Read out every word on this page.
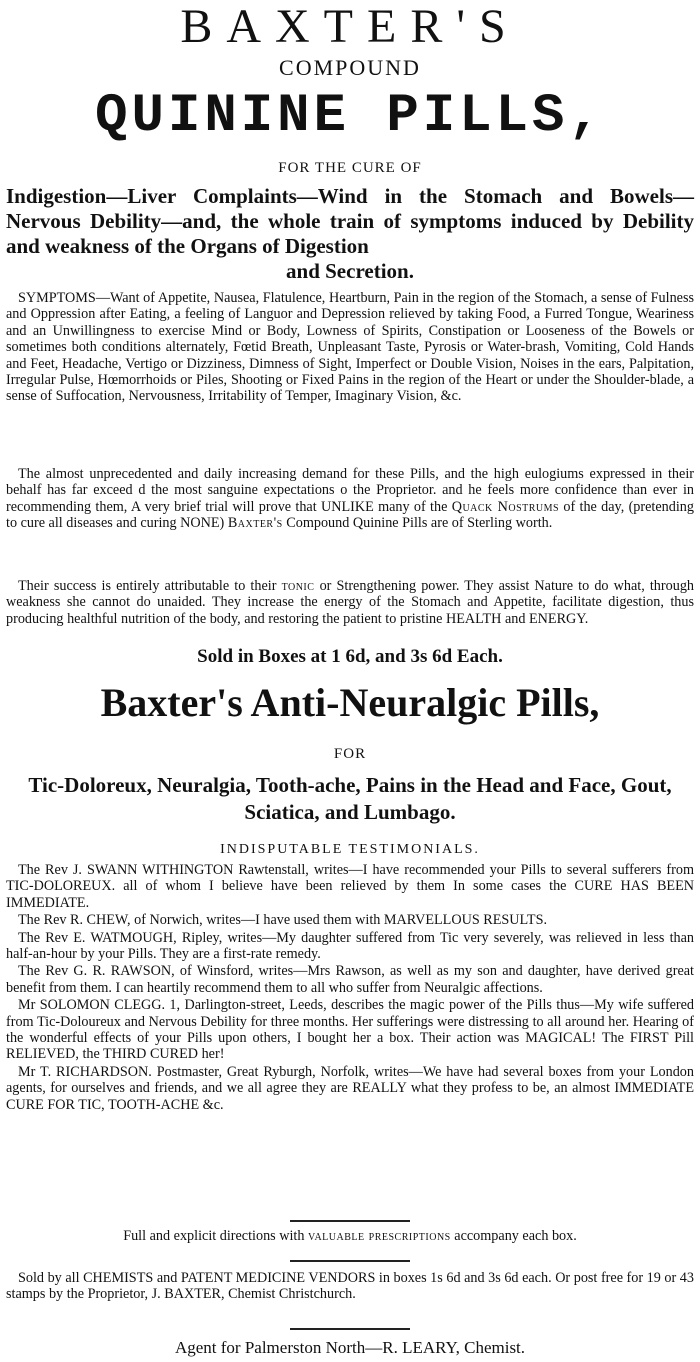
BAXTER'S
COMPOUND
QUININE PILLS,
FOR THE CURE OF
Indigestion—Liver Complaints—Wind in the Stomach and Bowels—Nervous Debility—and, the whole train of symptoms induced by Debility and weakness of the Organs of Digestion
and Secretion.
SYMPTOMS—Want of Appetite, Nausea, Flatulence, Heartburn, Pain in the region of the Stomach, a sense of Fulness and Oppression after Eating, a feeling of Languor and Depression relieved by taking Food, a Furred Tongue, Weariness and an Unwillingness to exercise Mind or Body, Lowness of Spirits, Constipation or Looseness of the Bowels or sometimes both conditions alternately, Fœtid Breath, Unpleasant Taste, Pyrosis or Water-brash, Vomiting, Cold Hands and Feet, Headache, Vertigo or Dizziness, Dimness of Sight, Imperfect or Double Vision, Noises in the ears, Palpitation, Irregular Pulse, Hœmorrhoids or Piles, Shooting or Fixed Pains in the region of the Heart or under the Shoulder-blade, a sense of Suffocation, Nervousness, Irritability of Temper, Imaginary Vision, &c.
The almost unprecedented and daily increasing demand for these Pills, and the high eulogiums expressed in their behalf has far exceed d the most sanguine expectations o the Proprietor. and he feels more confidence than ever in recommending them, A very brief trial will prove that UNLIKE many of the Quack Nostrums of the day, (pretending to cure all diseases and curing NONE) Baxter's Compound Quinine Pills are of Sterling worth.
Their success is entirely attributable to their tonic or Strengthening power. They assist Nature to do what, through weakness she cannot do unaided. They increase the energy of the Stomach and Appetite, facilitate digestion, thus producing healthful nutrition of the body, and restoring the patient to pristine HEALTH and ENERGY.
Sold in Boxes at 1 6d, and 3s 6d Each.
Baxter's Anti-Neuralgic Pills,
FOR
Tic-Doloreux, Neuralgia, Tooth-ache, Pains in the Head and Face, Gout, Sciatica, and Lumbago.
INDISPUTABLE TESTIMONIALS.

The Rev J. SWANN WITHINGTON Rawtenstall, writes—I have recommended your Pills to several sufferers from TIC-DOLOREUX. all of whom I believe have been relieved by them In some cases the CURE HAS BEEN IMMEDIATE.

The Rev R. CHEW, of Norwich, writes—I have used them with MARVELLOUS RESULTS.

The Rev E. WATMOUGH, Ripley, writes—My daughter suffered from Tic very severely, was relieved in less than half-an-hour by your Pills. They are a first-rate remedy.

The Rev G. R. RAWSON, of Winsford, writes—Mrs Rawson, as well as my son and daughter, have derived great benefit from them. I can heartily recommend them to all who suffer from Neuralgic affections.

Mr SOLOMON CLEGG. 1, Darlington-street, Leeds, describes the magic power of the Pills thus—My wife suffered from Tic-Doloureux and Nervous Debility for three months. Her sufferings were distressing to all around her. Hearing of the wonderful effects of your Pills upon others, I bought her a box. Their action was MAGICAL! The FIRST Pill RELIEVED, the THIRD CURED her!

Mr T. RICHARDSON. Postmaster, Great Ryburgh, Norfolk, writes—We have had several boxes from your London agents, for ourselves and friends, and we all agree they are REALLY what they profess to be, an almost IMMEDIATE CURE FOR TIC, TOOTH-ACHE &c.

Full and explicit directions with valuable prescriptions accompany each box.
Sold by all CHEMISTS and PATENT MEDICINE VENDORS in boxes 1s 6d and 3s 6d each. Or post free for 19 or 43 stamps by the Proprietor, J. BAXTER, Chemist Christchurch.
Agent for Palmerston North—R. LEARY, Chemist.
